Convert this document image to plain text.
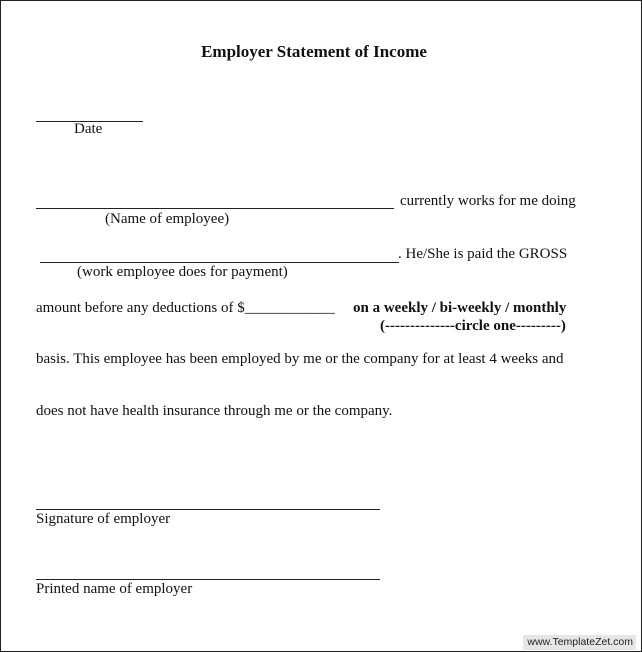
Employer Statement of Income
Date
currently works for me doing
(Name of employee)
. He/She is paid the GROSS
(work employee does for payment)
amount before any deductions of $____________ on a weekly / bi-weekly / monthly
(--------------circle one---------)
basis. This employee has been employed by me or the company for at least 4 weeks and
does not have health insurance through me or the company.
Signature of employer
Printed name of employer
www.TemplateZet.com
